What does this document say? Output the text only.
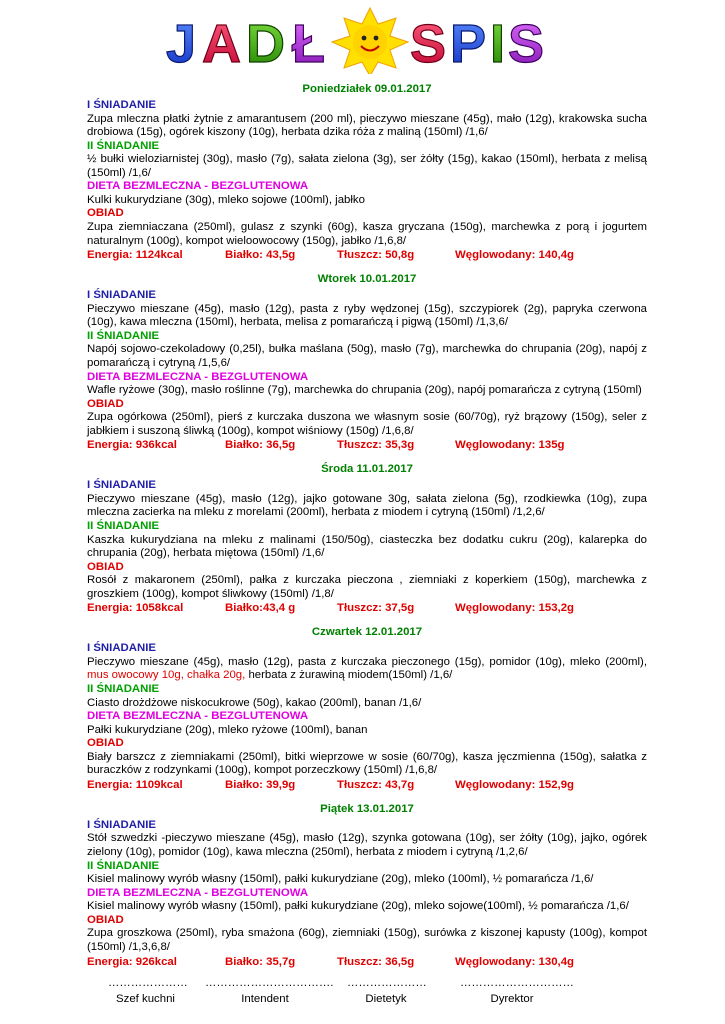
J A D Ł S P I S
Poniedziałek 09.01.2017
I ŚNIADANIE
Zupa mleczna płatki żytnie z amarantusem (200 ml), pieczywo mieszane (45g), mało (12g), krakowska sucha drobiowa (15g), ogórek kiszony (10g), herbata dzika róża z maliną (150ml) /1,6/
II ŚNIADANIE
½ bułki wieloziarnistej (30g), masło (7g), sałata zielona (3g), ser żółty (15g), kakao (150ml), herbata z melisą (150ml) /1,6/
DIETA BEZMLECZNA - BEZGLUTENOWA
Kulki kukurydziane (30g), mleko sojowe (100ml), jabłko
OBIAD
Zupa ziemniaczana (250ml), gulasz z szynki (60g), kasza gryczana (150g), marchewka z porą i jogurtem naturalnym (100g), kompot wieloowocowy (150g), jabłko /1,6,8/
Energia: 1124kcal	Białko: 43,5g	Tłuszcz: 50,8g	Węglowodany: 140,4g
Wtorek 10.01.2017
I ŚNIADANIE
Pieczywo mieszane (45g), masło (12g), pasta z ryby wędzonej (15g), szczypiorek (2g), papryka czerwona (10g), kawa mleczna (150ml), herbata, melisa z pomarańczą i pigwą (150ml) /1,3,6/
II ŚNIADANIE
Napój sojowo-czekoladowy (0,25l), bułka maślana (50g), masło (7g), marchewka do chrupania (20g), napój z pomarańczą i cytryną /1,5,6/
DIETA BEZMLECZNA - BEZGLUTENOWA
Wafle ryżowe (30g), masło roślinne (7g), marchewka do chrupania (20g), napój pomarańcza z cytryną (150ml)
OBIAD
Zupa ogórkowa (250ml), pierś z kurczaka duszona we własnym sosie (60/70g), ryż brązowy (150g), seler z jabłkiem i suszoną śliwką (100g), kompot wiśniowy (150g) /1,6,8/
Energia: 936kcal	Białko: 36,5g	Tłuszcz: 35,3g	Węglowodany: 135g
Środa 11.01.2017
I ŚNIADANIE
Pieczywo mieszane (45g), masło (12g), jajko gotowane 30g, sałata zielona (5g), rzodkiewka (10g), zupa mleczna zacierka na mleku z morelami (200ml), herbata z miodem i cytryną (150ml) /1,2,6/
II ŚNIADANIE
Kaszka kukurydziana na mleku z malinami (150/50g), ciasteczka bez dodatku cukru (20g), kalarepka do chrupania (20g), herbata miętowa (150ml) /1,6/
OBIAD
Rosół z makaronem (250ml), pałka z kurczaka pieczona , ziemniaki z koperkiem (150g), marchewka z groszkiem (100g), kompot śliwkowy (150ml) /1,8/
Energia: 1058kcal	Białko:43,4 g	Tłuszcz: 37,5g	Węglowodany: 153,2g
Czwartek 12.01.2017
I ŚNIADANIE
Pieczywo mieszane (45g), masło (12g), pasta z kurczaka pieczonego (15g), pomidor (10g), mleko (200ml), mus owocowy 10g, chałka 20g, herbata z żurawiną miodem(150ml) /1,6/
II ŚNIADANIE
Ciasto drożdżowe niskocukrowe (50g), kakao (200ml), banan /1,6/
DIETA BEZMLECZNA - BEZGLUTENOWA
Pałki kukurydziane (20g), mleko ryżowe (100ml), banan
OBIAD
Biały barszcz z ziemniakami (250ml), bitki wieprzowe w sosie (60/70g), kasza jęczmienna (150g), sałatka z buraczków z rodzynkami (100g), kompot porzeczkowy (150ml) /1,6,8/
Energia: 1109kcal	Białko: 39,9g	Tłuszcz: 43,7g	Węglowodany: 152,9g
Piątek 13.01.2017
I ŚNIADANIE
Stół szwedzki -pieczywo mieszane (45g), masło (12g), szynka gotowana (10g), ser żółty (10g), jajko, ogórek zielony (10g), pomidor (10g), kawa mleczna (250ml), herbata z miodem i cytryną /1,2,6/
II ŚNIADANIE
Kisiel malinowy wyrób własny (150ml), pałki kukurydziane (20g), mleko (100ml), ½ pomarańcza /1,6/
DIETA BEZMLECZNA - BEZGLUTENOWA
Kisiel malinowy wyrób własny (150ml), pałki kukurydziane (20g), mleko sojowe(100ml), ½ pomarańcza /1,6/
OBIAD
Zupa groszkowa (250ml), ryba smażona (60g), ziemniaki (150g), surówka z kiszonej kapusty (100g), kompot (150ml) /1,3,6,8/
Energia: 926kcal	Białko: 35,7g	Tłuszcz: 36,5g	Węglowodany: 130,4g
…………………
Szef kuchni
…………………………….
Intendent
…………………
Dietetyk
…………………………
Dyrektor
